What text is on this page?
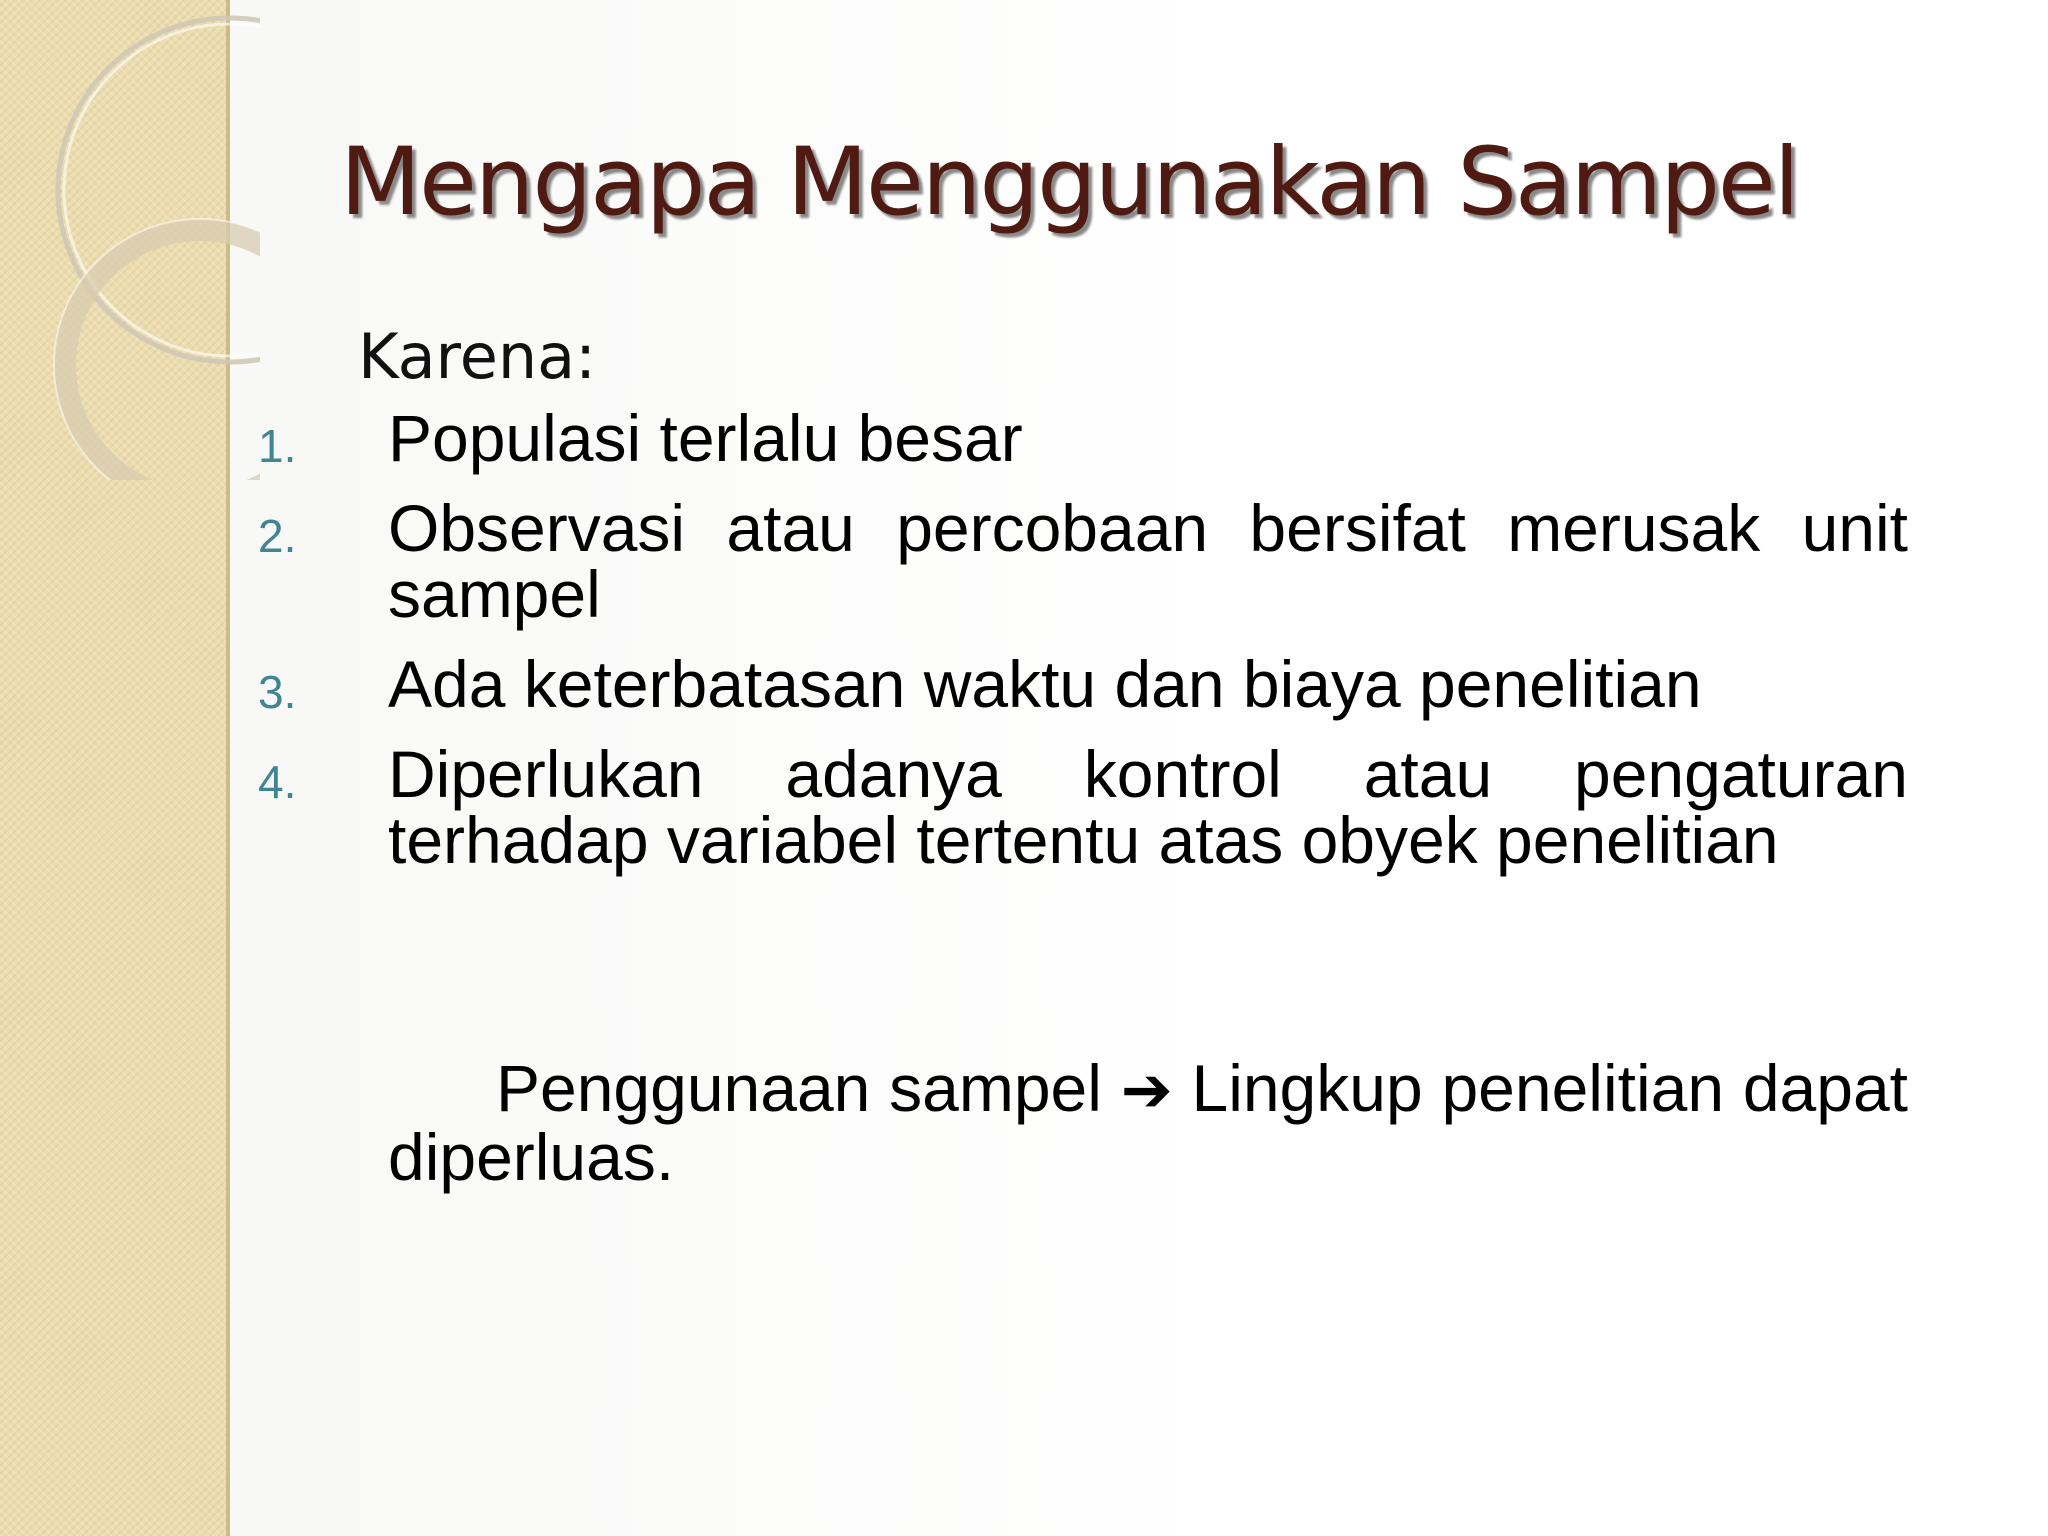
Mengapa Menggunakan Sampel

Karena:

1. Populasi terlalu besar
2. Observasi atau percobaan bersifat merusak unit sampel
3. Ada keterbatasan waktu dan biaya penelitian
4. Diperlukan adanya kontrol atau pengaturan terhadap variabel tertentu atas obyek penelitian

Penggunaan sampel ➔ Lingkup penelitian dapat diperluas.
